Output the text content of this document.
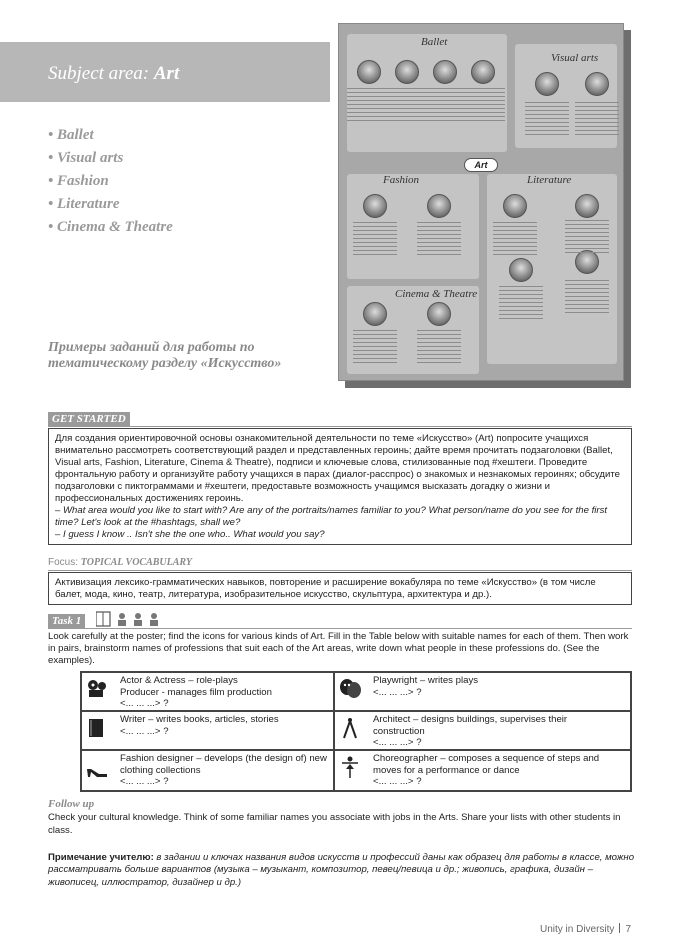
Subject area: Art
• Ballet
• Visual arts
• Fashion
• Literature
• Cinema & Theatre
Примеры заданий для работы по тематическому разделу «Искусство»
Ballet
Visual arts
Fashion	Literature
Cinema & Theatre
Art
GET STARTED

Для создания ориентировочной основы ознакомительной деятельности по теме «Искусство» (Art) попросите учащихся внимательно рассмотреть соответствующий раздел и представленных героинь; дайте время прочитать подзаголовки (Ballet, Visual arts, Fashion, Literature, Cinema & Theatre), подписи и ключевые слова, стилизованные под #хештеги. Проведите фронтальную работу и организуйте работу учащихся в парах (диалог-расспрос) о знакомых и незнакомых героинях; обсудите подзаголовки с пиктограммами и #хештеги, предоставьте возможность учащимся высказать догадку о жизни и профессиональных достижениях героинь.

– What area would you like to start with? Are any of the portraits/names familiar to you? What person/name do you see for the first time? Let's look at the #hashtags, shall we?

– I guess I know .. Isn't she the one who.. What would you say?

Focus: TOPICAL VOCABULARY

Активизация лексико-грамматических навыков, повторение и расширение вокабуляра по теме «Искусство» (в том числе балет, мода, кино, театр, литература, изобразительное искусство, скульптура, архитектура и др.).

Task 1
Look carefully at the poster; find the icons for various kinds of Art. Fill in the Table below with suitable names for each of them. Then work in pairs, brainstorm names of professions that suit each of the Art areas, write down what people in these professions do. (See the examples).
Actor & Actress – role-plays
Producer - manages film production
<... ... ...> ?
Playwright – writes plays
<... ... ...> ?
Writer – writes books, articles, stories
<... ... ...> ?
Architect – designs buildings, supervises their
construction
<... ... ...> ?
Fashion designer – develops (the design of) new
clothing collections
<... ... ...> ?
Choreographer – composes a sequence of steps and
moves for a performance or dance
<... ... ...> ?
Follow up
Check your cultural knowledge. Think of some familiar names you associate with jobs in the Arts. Share your lists with other students in class.
Примечание учителю: в задании и ключах названия видов искусств и профессий даны как образец для работы в классе, можно рассматривать больше вариантов (музыка – музыкант, композитор, певец/певица и др.; живопись, графика, дизайн – живописец, иллюстратор, дизайнер и др.)
Unity in Diversity 7
